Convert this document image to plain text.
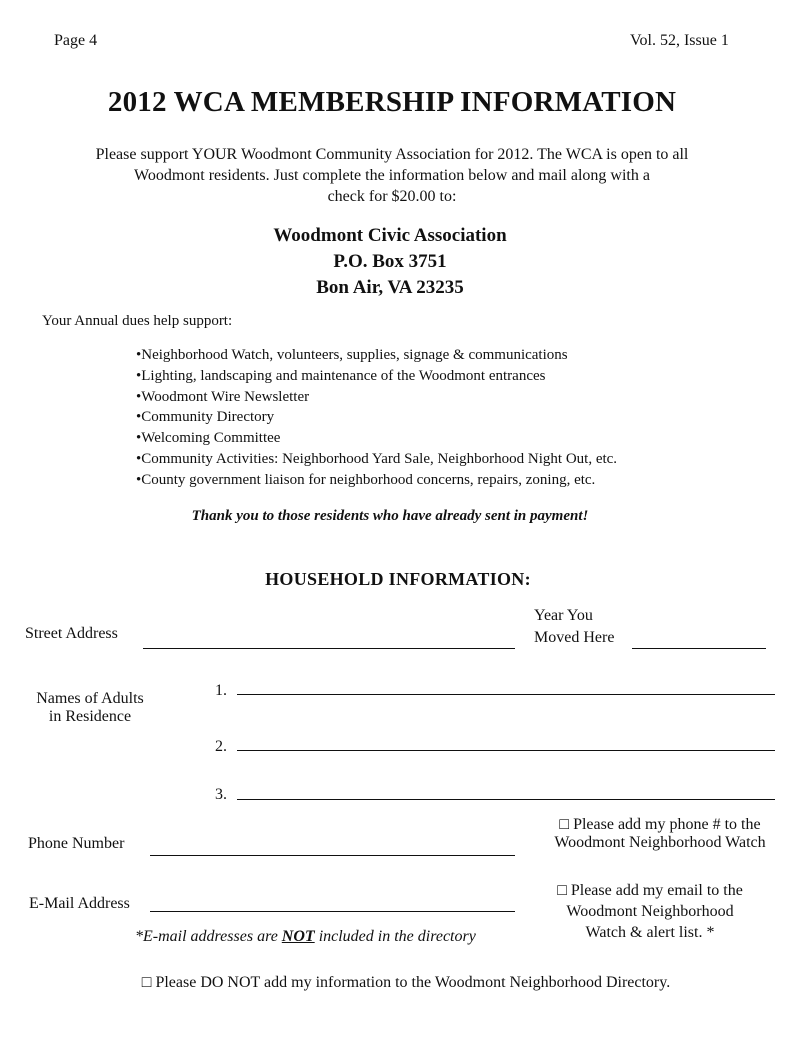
Page 4	Vol. 52, Issue 1
2012 WCA MEMBERSHIP INFORMATION
Please support YOUR Woodmont Community Association for 2012. The WCA is open to all
Woodmont residents. Just complete the information below and mail along with a
check for $20.00 to:
Woodmont Civic Association
P.O. Box 3751
Bon Air, VA 23235
Your Annual dues help support:
•Neighborhood Watch, volunteers, supplies, signage & communications
•Lighting, landscaping and maintenance of the Woodmont entrances
•Woodmont Wire Newsletter
•Community Directory
•Welcoming Committee
•Community Activities: Neighborhood Yard Sale, Neighborhood Night Out, etc.
•County government liaison for neighborhood concerns, repairs, zoning, etc.
Thank you to those residents who have already sent in payment!
HOUSEHOLD INFORMATION:
Street Address
Year You
Moved Here
Names of Adults
in Residence
1.
2.
3.
Phone Number
□ Please add my phone # to the
Woodmont Neighborhood Watch
E-Mail Address
□ Please add my email to the
Woodmont Neighborhood
Watch & alert list. *
*E-mail addresses are NOT included in the directory
□ Please DO NOT add my information to the Woodmont Neighborhood Directory.
